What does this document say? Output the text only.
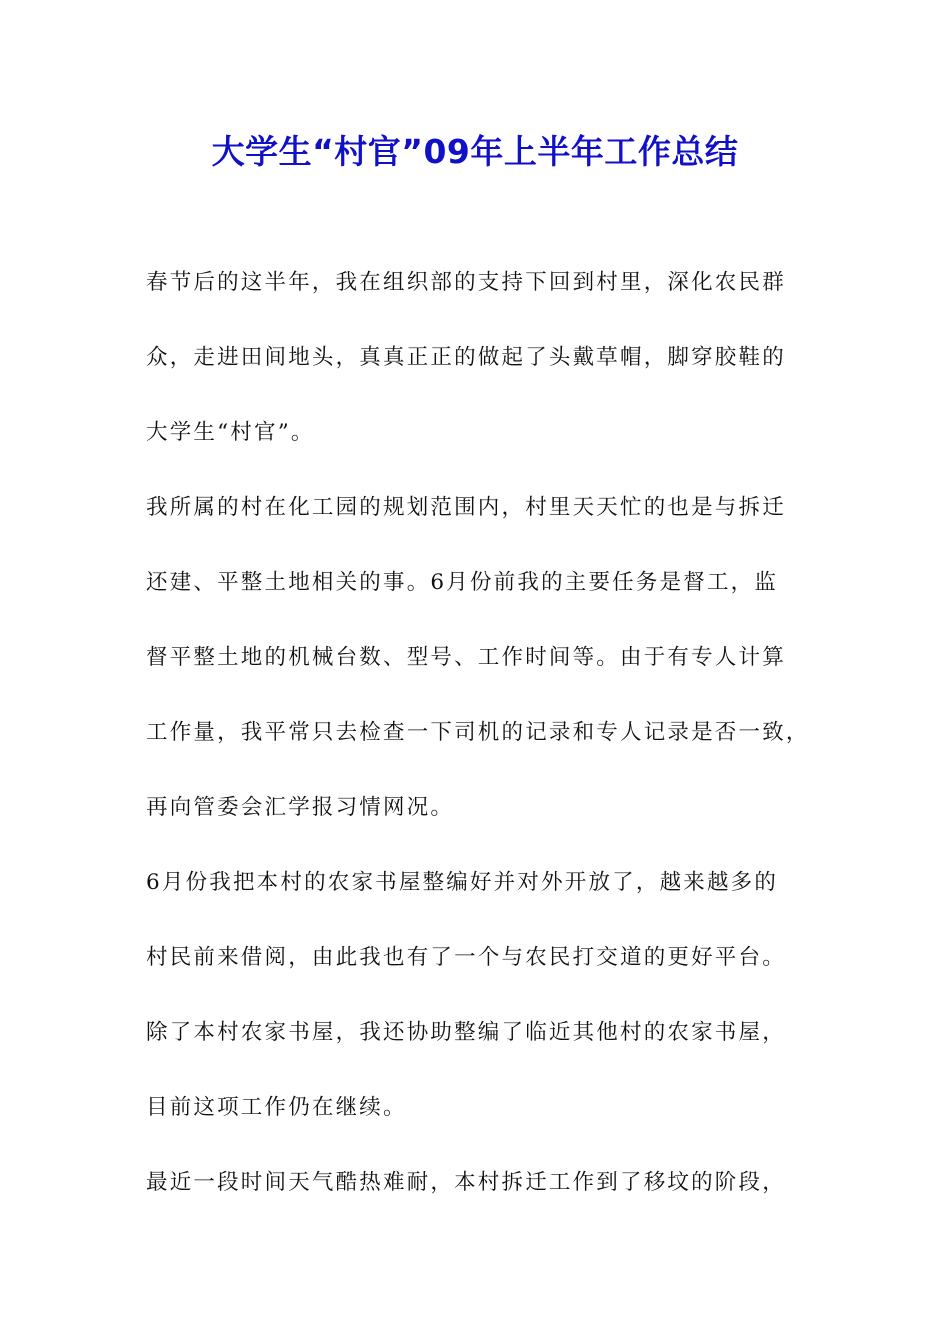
大学生“村官”09年上半年工作总结
春节后的这半年，我在组织部的支持下回到村里，深化农民群
众，走进田间地头，真真正正的做起了头戴草帽，脚穿胶鞋的
大学生“村官”。
我所属的村在化工园的规划范围内，村里天天忙的也是与拆迁
还建、平整土地相关的事。6月份前我的主要任务是督工，监
督平整土地的机械台数、型号、工作时间等。由于有专人计算
工作量，我平常只去检查一下司机的记录和专人记录是否一致，
再向管委会汇学报习情网况。
6月份我把本村的农家书屋整编好并对外开放了，越来越多的
村民前来借阅，由此我也有了一个与农民打交道的更好平台。
除了本村农家书屋，我还协助整编了临近其他村的农家书屋，
目前这项工作仍在继续。
最近一段时间天气酷热难耐，本村拆迁工作到了移坟的阶段，
